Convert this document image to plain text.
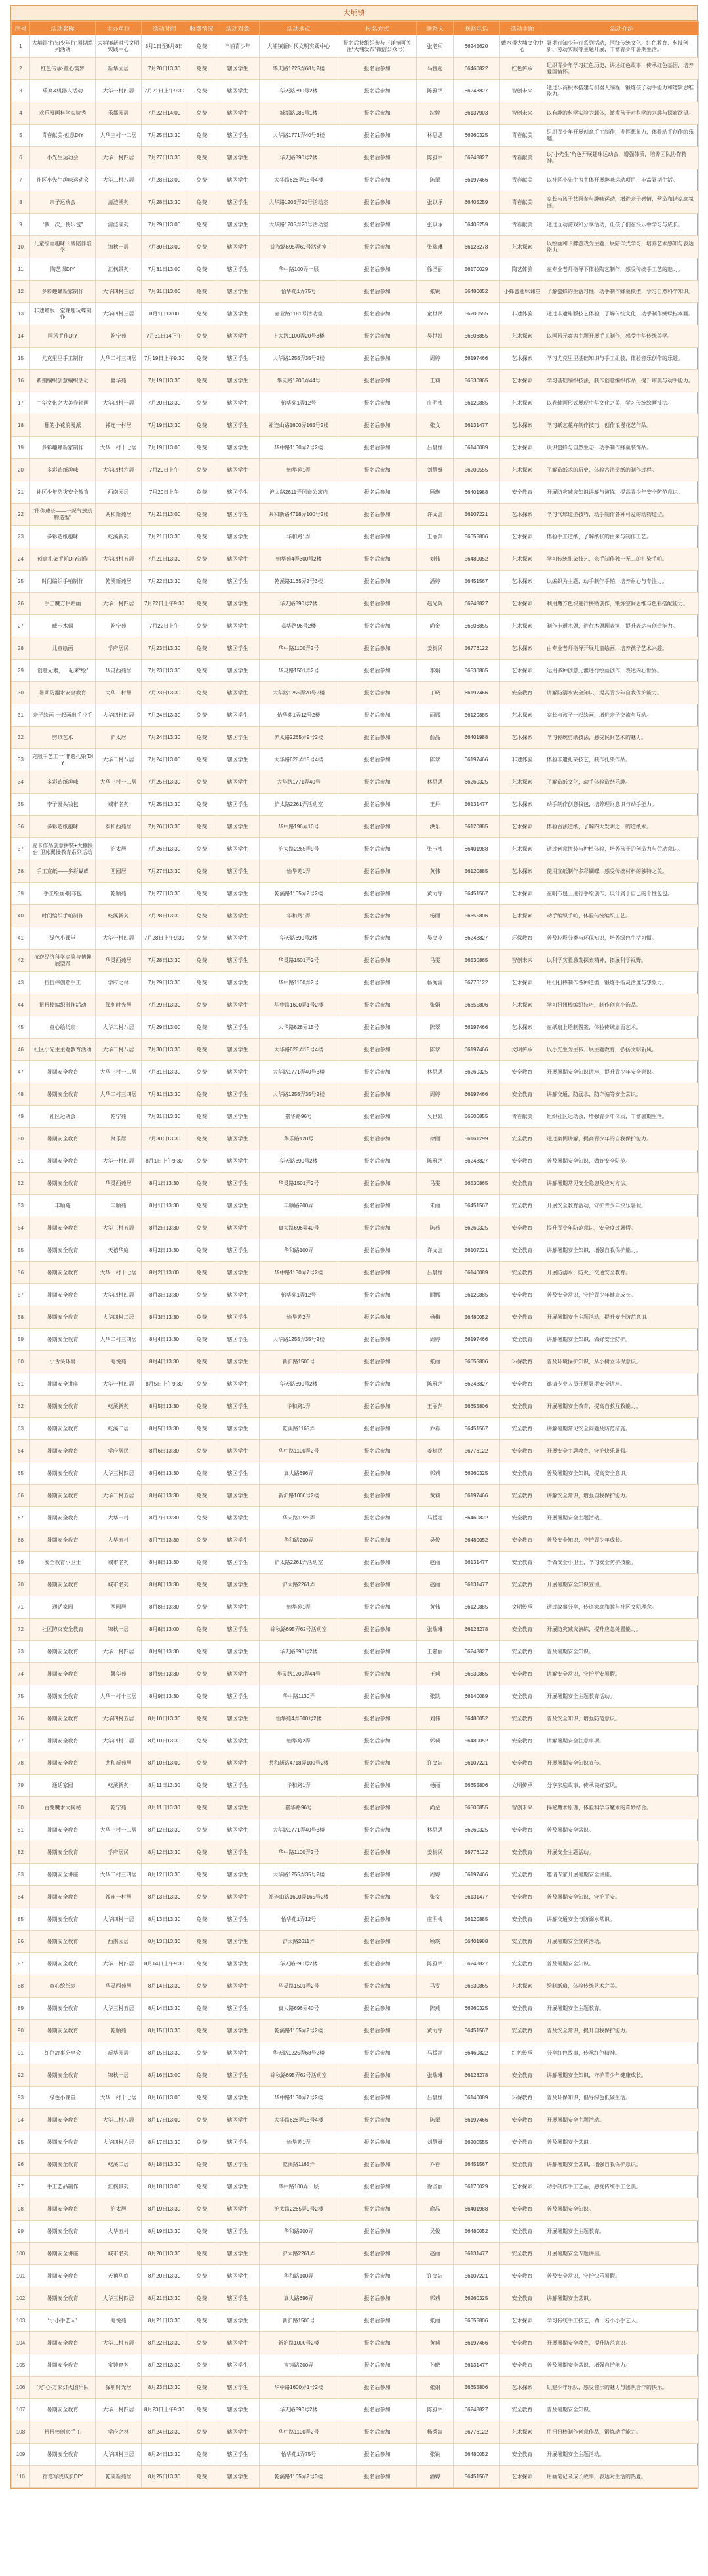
大埔镇
序号	活动名称	主办单位	活动时间	收费情况	活动对象	活动地点	报名方式	联系人	联系电话	活动主题	活动介绍
1	大埔镇“行知少年行”暑期系列活动	大埔镇新时代文明实践中心	8月1日至8月8日	免费	丰埔青少年	大埔镇新时代文明实践中心	报名后按组织参与（详情可关注“大埔发布”微信公众号）	张老师	66245620	戴水得大埔文化中心	暑期行知少年行系列活动，围绕传统文化、红色教育、科技创新、劳动实践等主题开展，丰富青少年暑期生活。
2	红色传承·童心筑梦	新华园居	7月20日13:30	免费	辖区学生	华天路1225弄68号2楼	报名后参加	马援超	66460822	红色传承	组织青少年学习红色历史，讲述红色故事，传承红色基因，培养爱国情怀。
3	乐高&机器人活动	大华一村四居	7月21日上午9:30	免费	辖区学生	华天路890号2楼	报名后参加	陈雅坪	66248827	智创未来	通过乐高积木搭建与机器人编程，锻炼孩子动手能力和逻辑思维能力。
4	欢乐漫画科学实验秀	乐都园居	7月22日14:00	免费	辖区学生	城都路985号1楼	报名后参加	沈婷	36137903	智创未来	以有趣的科学实验为载体，激发孩子对科学的兴趣与探索欲望。
5	青春献美·创意DIY	大华三村一二居	7月25日13:30	免费	辖区学生	大华路1771弄40号3楼	报名后参加	林思思	66260325	青春献美	组织青少年开展创意手工制作，发挥想象力，体验动手创作的乐趣。
6	小先生运动会	大华一村四居	7月27日13:30	免费	辖区学生	华天路890号2楼	报名后参加	陈雅坪	66248827	青春献美	以“小先生”角色开展趣味运动会，增强体质，培养团队协作精神。
7	社区小先生趣味运动会	大华二村八居	7月28日13:00	免费	辖区学生	大华路628弄15号4楼	报名后参加	陈翠	66197466	青春献美	以社区小先生为主体开展趣味运动项目，丰富暑期生活。
8	亲子运动会	清涟溪苑	7月28日13:30	免费	辖区学生	大华路1205弄20号活动室	报名后参加	张以承	66405259	青春献美	家长与孩子共同参与趣味运动，增进亲子感情，营造和谐家庭氛围。
9	“我一次，快乐包”	清涟溪苑	7月29日13:00	免费	辖区学生	大华路1205弄20号活动室	报名后参加	张以承	66405259	青春献美	通过互动游戏和分享活动，让孩子们在快乐中学习与成长。
10	儿童绘画趣味卡牌陪伴陪学	锦秋一居	7月30日13:00	免费	辖区学生	锦秋路695弄62号活动室	报名后参加	张瑞琳	66128278	艺术探索	以绘画和卡牌游戏为主题开展陪伴式学习，培养艺术感知与表达能力。
11	陶艺课DIY	汇枫景苑	7月31日13:00	免费	辖区学生	华中路100弄一层	报名后参加	徐圣丽	56170029	陶艺体验	在专业老师指导下体验陶艺制作，感受传统手工艺的魅力。
12	乡彩趣蜂新家制作	大华四村三居	7月31日13:00	免费	辖区学生	怡华苑1弄75号	报名后参加	张锐	56480052	小蜂蜜趣味课堂	了解蜜蜂的生活习性，动手制作蜂巢模型，学习自然科学知识。
13	非遗蜡版一堂课趣玩蝶制作	大华四村三居	8月1日13:00	免费	辖区学生	嘉业路1181号活动室	报名后参加	童世民	56200555	非遗体验	通过非遗蜡版技艺体验，了解传统文化，动手制作蝴蝶标本画。
14	国风手作DIY	乾宁苑	7月31日14下午	免费	辖区学生	上大路1100弄20号3楼	报名后参加	吴世凯	56506855	艺术探索	以国风元素为主题开展手工制作，感受中华传统美学。
15	尤克里里手工制作	大华二村三四居	7月19日上午9:30	免费	辖区学生	大华路1255弄35号2楼	报名后参加	周婷	66197466	艺术探索	学习尤克里里基础知识与手工组装，体验音乐创作的乐趣。
16	紫荆编织创意编织活动	馨华苑	7月19日13:30	免费	辖区学生	华灵路1200弄44号	报名后参加	王莉	56530865	艺术探索	学习基础编织技法，制作创意编织作品，提升审美与动手能力。
17	中华文化之大美卷轴画	大华四村一居	7月20日13:30	免费	辖区学生	怡华苑1弄12号	报名后参加	庄明梅	56120885	艺术探索	以卷轴画形式展现中华文化之美，学习传统绘画技法。
18	翻的小花浪漫派	祁连一村居	7月19日13:30	免费	辖区学生	祁连山路1600弄165号2楼	报名后参加	张文	56131477	艺术探索	学习纸艺花卉制作技巧，创作浪漫花艺作品。
19	乡彩趣蜂新家制作	大华一村十七居	7月19日13:00	免费	辖区学生	华中路1130弄7号2楼	报名后参加	吕晨媛	66140089	艺术探索	认识蜜蜂与自然生态，动手制作蜂巢装饰品。
20	多彩造纸趣味	大华四村六居	7月20日上午	免费	辖区学生	怡华苑1弄	报名后参加	刘慧妍	56200555	艺术探索	了解造纸术的历史，体验古法造纸的制作过程。
21	社区少年防灾安全教育	西南园居	7月20日上午	免费	辖区学生	沪太路2611弄国泰公寓内	报名后参加	顾瑛	66401988	安全教育	开展防灾减灾知识讲解与演练，提高青少年安全防范意识。
22	“伴你成长——一起气球动物造型”	共和新苑居	7月21日13:00	免费	辖区学生	共和新路4718弄100号2楼	报名后参加	许文洁	56107221	艺术探索	学习气球造型技巧，动手制作各种可爱的动物造型。
23	多彩造纸趣味	乾溪新苑	7月21日13:30	免费	辖区学生	华和路1弄	报名后参加	王丽萍	56655806	艺术探索	体验手工造纸，了解纸张的由来与制作工艺。
24	创意扎染手帕DIY制作	大华四村五居	7月21日13:30	免费	辖区学生	怡华苑4弄300号2楼	报名后参加	刘伟	56480052	艺术探索	学习传统扎染技艺，亲手制作独一无二的扎染手帕。
25	时间编织手帕制作	乾溪新苑居	7月22日13:30	免费	辖区学生	乾溪路1165弄2号3楼	报名后参加	潘婷	56451567	艺术探索	以编织为主题，动手制作手帕，培养耐心与专注力。
26	手工魔方拼贴画	大华一村四居	7月22日上午9:30	免费	辖区学生	华天路890号2楼	报名后参加	赵光辉	66248827	艺术探索	利用魔方色块进行拼贴创作，锻炼空间思维与色彩搭配能力。
27	藏卡木偶	乾宁苑	7月22日上午	免费	辖区学生	嘉华路96号2楼	报名后参加	尚金	56506855	艺术探索	制作卡通木偶，进行木偶剧表演，提升表达与创造能力。
28	儿童绘画	学府居民	7月23日13:30	免费	辖区学生	华中路1100弄2号	报名后参加	姜树民	56776122	艺术探索	由专业老师指导开展儿童绘画，培养孩子艺术兴趣。
29	创意元素，一起来“绘”	华灵西苑居	7月23日13:30	免费	辖区学生	华灵路1501弄2号	报名后参加	李娟	56530865	艺术探索	运用多种创意元素进行绘画创作，表达内心世界。
30	暑期防溺水安全教育	大华二村居	7月23日13:30	免费	辖区学生	大华路1255弄20号2楼	报名后参加	丁晓	66197466	安全教育	讲解防溺水安全知识，提高青少年自我保护能力。
31	亲子绘画·一起画出手拉手	大华四村四居	7月24日13:30	免费	辖区学生	怡华苑1弄12号2楼	报名后参加	丽娜	56120885	艺术探索	家长与孩子一起绘画，增进亲子交流与互动。
32	剪纸艺术	沪太居	7月24日13:30	免费	辖区学生	沪太路2265弄9号2楼	报名后参加	俞晶	66401988	艺术探索	学习传统剪纸技法，感受民间艺术的魅力。
33	克服手艺工一“非遗扎染”DIY	大华二村八居	7月24日13:00	免费	辖区学生	大华路628弄15号4楼	报名后参加	陈翠	66197466	非遗体验	体验非遗扎染技艺，制作扎染作品。
34	多彩造纸趣味	大华三村一二居	7月25日13:30	免费	辖区学生	大华路1771弄40号	报名后参加	林思思	66260325	艺术探索	了解造纸文化，动手体验造纸乐趣。
35	李子馒头钱包	城市名苑	7月25日13:30	免费	辖区学生	沪太路2261弄活动室	报名后参加	王丹	56131477	艺术探索	动手制作创意钱包，培养理财意识与动手能力。
36	多彩造纸趣味	泰和西苑居	7月26日13:30	免费	辖区学生	华中路196弄10号	报名后参加	洪乐	56120885	艺术探索	体验古法造纸，了解四大发明之一的造纸术。
37	麦卡作品创意拼装+大棚慢台·卫冰翼慢教育系列活动	沪太居	7月26日13:30	免费	辖区学生	沪太路2265弄9号	报名后参加	张玉梅	66401988	艺术探索	通过创意拼装与种植体验，培养孩子的创造力与劳动意识。
38	手工宣纸——多彩蝴蝶	西园居	7月27日13:30	免费	辖区学生	怡华苑1弄	报名后参加	黄伟	56120885	艺术探索	使用宣纸制作多彩蝴蝶，感受传统材料的独特之美。
39	手工绘画·帆布包	乾顺苑	7月27日13:30	免费	辖区学生	乾溪路1165弄2号2楼	报名后参加	黄力宇	56451567	艺术探索	在帆布包上进行手绘创作，设计属于自己的个性包包。
40	时间编织手帕制作	乾溪新苑	7月28日13:30	免费	辖区学生	华和路1弄	报名后参加	杨丽	56655806	艺术探索	动手编织手帕，体验传统编织工艺。
41	绿色小课堂	大华一村四居	7月28日上午9:30	免费	辖区学生	华天路890号2楼	报名后参加	吴文嘉	66248827	环保教育	普及垃圾分类与环保知识，培养绿色生活习惯。
42	抗逆经济科学实验与情趣展望馆	华灵西苑居	7月28日13:30	免费	辖区学生	华灵路1501弄2号	报名后参加	马雯	56530865	智创未来	以科学实验激发探索精神，拓展科学视野。
43	扭扭棒创意手工	学府之林	7月29日13:30	免费	辖区学生	华中路1100弄2号	报名后参加	杨秀清	56776122	艺术探索	用扭扭棒制作各种造型，锻炼手指灵活度与想象力。
44	扭扭棒编织制作活动	保利时光居	7月29日13:30	免费	辖区学生	华中路1600弄1号2楼	报名后参加	张娟	56655806	艺术探索	学习扭扭棒编织技巧，制作创意小饰品。
45	童心绘纸扇	大华二村八居	7月29日13:00	免费	辖区学生	大华路628弄15号	报名后参加	陈翠	66197466	艺术探索	在纸扇上绘制图案，体验传统扇面艺术。
46	社区小先生主题教育活动	大华二村八居	7月30日13:30	免费	辖区学生	大华路628弄15号4楼	报名后参加	陈翠	66197466	文明传承	以小先生为主体开展主题教育，弘扬文明新风。
47	暑期安全教育	大华三村一二居	7月31日13:30	免费	辖区学生	大华路1771弄40号3楼	报名后参加	林思思	66260325	安全教育	开展暑期安全知识讲座，提升青少年安全意识。
48	暑期安全教育	大华二村三四居	7月31日13:30	免费	辖区学生	大华路1255弄35号2楼	报名后参加	周婷	66197466	安全教育	讲解交通、防溺水、防诈骗等安全常识。
49	社区运动会	乾宁苑	7月31日13:30	免费	辖区学生	嘉华路96号	报名后参加	吴世凯	56506855	青春献美	组织社区运动会，增强青少年体质，丰富暑期生活。
50	暑期安全教育	聚乐居	7月30日13:30	免费	辖区学生	华乐路120号	报名后参加	徐丽	56161299	安全教育	通过案例讲解，提高青少年的自我保护能力。
51	暑期安全教育	大华一村四居	8月1日上午9:30	免费	辖区学生	华天路890号2楼	报名后参加	陈雅坪	66248827	安全教育	普及暑期安全知识，做好安全防范。
52	暑期安全教育	华灵西苑居	8月1日13:30	免费	辖区学生	华灵路1501弄2号	报名后参加	马雯	56530865	安全教育	讲解暑期常见安全隐患及应对方法。
53	丰顺苑	丰顺苑	8月1日13:30	免费	辖区学生	丰顺路200弄	报名后参加	朱丽	56451567	安全教育	开展安全教育活动，守护青少年快乐暑假。
54	暑期安全教育	大华三村五居	8月2日13:30	免费	辖区学生	真大路696弄40号	报名后参加	陈燕	66260325	安全教育	提升青少年防范意识，安全度过暑假。
55	暑期安全教育	天禧华庭	8月2日13:30	免费	辖区学生	华和路100弄	报名后参加	许文洁	56107221	安全教育	讲解暑期安全知识，增强自我保护能力。
56	暑期安全教育	大华一村十七居	8月2日13:00	免费	辖区学生	华中路1130弄7号2楼	报名后参加	吕晨媛	66140089	安全教育	开展防溺水、防火、交通安全教育。
57	暑期安全教育	大华四村四居	8月3日13:30	免费	辖区学生	怡华苑1弄12号	报名后参加	丽娜	56120885	安全教育	普及安全常识，守护青少年健康成长。
58	暑期安全教育	大华四村二居	8月3日13:30	免费	辖区学生	怡华苑2弄	报名后参加	杨梅	56480052	安全教育	开展暑期安全主题活动，提升安全防范意识。
59	暑期安全教育	大华二村三四居	8月4日13:30	免费	辖区学生	大华路1255弄35号2楼	报名后参加	周婷	66197466	安全教育	讲解暑期安全知识，做好安全防护。
60	小舌头环境	海悦苑	8月4日13:30	免费	辖区学生	新沪路1500号	报名后参加	张丽	56655806	环保教育	普及环境保护知识，从小树立环保意识。
61	暑期安全讲座	大华一村四居	8月5日上午9:30	免费	辖区学生	华天路890号2楼	报名后参加	陈雅坪	66248827	安全教育	邀请专业人员开展暑期安全讲座。
62	暑期安全教育	乾溪新苑	8月5日13:30	免费	辖区学生	华和路1弄	报名后参加	王丽萍	56655806	安全教育	开展暑期安全教育，提高自救互救能力。
63	暑期安全教育	乾溪二居	8月5日13:30	免费	辖区学生	乾溪路1165弄	报名后参加	乔春	56451567	安全教育	讲解暑期常见安全问题及防范措施。
64	暑期安全教育	学府居民	8月6日13:30	免费	辖区学生	华中路1100弄2号	报名后参加	姜树民	56776122	安全教育	开展安全主题教育，守护快乐暑假。
65	暑期安全教育	大华三村四居	8月6日13:30	免费	辖区学生	真大路696弄	报名后参加	郭莉	66260325	安全教育	普及暑期安全知识，提高安全意识。
66	暑期安全教育	大华二村五居	8月6日13:30	免费	辖区学生	新沪路1000号2楼	报名后参加	黄莉	66197466	安全教育	讲解安全常识，增强自我保护能力。
67	暑期安全教育	大华一村	8月7日13:30	免费	辖区学生	华天路1225弄	报名后参加	马援超	66460822	安全教育	开展暑期安全主题活动。
68	暑期安全教育	大华五村	8月7日13:30	免费	辖区学生	华和路200弄	报名后参加	吴俊	56480052	安全教育	普及安全知识，守护青少年成长。
69	安全教育小卫士	城市名苑	8月8日13:30	免费	辖区学生	沪太路2261弄活动室	报名后参加	赵丽	56131477	安全教育	争做安全小卫士，学习安全防护技能。
70	暑期安全教育	城市名苑	8月8日13:30	免费	辖区学生	沪太路2261弄	报名后参加	赵丽	56131477	安全教育	开展暑期安全知识宣讲。
71	通话家园	西园居	8月8日13:30	免费	辖区学生	怡华苑1弄	报名后参加	黄伟	56120885	文明传承	通过故事分享，传递家庭和睦与社区文明理念。
72	社区防灾安全教育	锦秋一居	8月8日13:00	免费	辖区学生	锦秋路695弄62号活动室	报名后参加	张瑞琳	66128278	安全教育	开展防灾减灾演练，提升应急处置能力。
73	暑期安全教育	大华一村四居	8月9日13:30	免费	辖区学生	华天路890号2楼	报名后参加	王嘉丽	66248827	安全教育	普及暑期安全知识。
74	暑期安全教育	馨华苑	8月9日13:30	免费	辖区学生	华灵路1200弄44号	报名后参加	王莉	56530865	安全教育	讲解安全常识，守护平安暑假。
75	暑期安全教育	大华一村十三居	8月9日13:30	免费	辖区学生	华中路1130弄	报名后参加	张凯	66140089	安全教育	开展暑期安全主题教育活动。
76	暑期安全教育	大华四村五居	8月10日13:30	免费	辖区学生	怡华苑4弄300号2楼	报名后参加	刘伟	56480052	安全教育	普及安全知识，增强防范意识。
77	暑期安全教育	大华四村二居	8月10日13:30	免费	辖区学生	怡华苑2弄	报名后参加	郭莉	56480052	安全教育	讲解暑期安全注意事项。
78	暑期安全教育	共和新苑居	8月10日13:00	免费	辖区学生	共和新路4718弄100号2楼	报名后参加	许文洁	56107221	安全教育	开展暑期安全知识宣传。
79	通话家园	乾溪新苑	8月11日13:30	免费	辖区学生	华和路1弄	报名后参加	杨丽	56655806	文明传承	分享家庭故事，传承良好家风。
80	百变魔术大揭秘	乾宁苑	8月11日13:30	免费	辖区学生	嘉华路96号	报名后参加	尚金	56506855	智创未来	揭秘魔术原理，体验科学与魔术的奇妙结合。
81	暑期安全教育	大华三村一二居	8月12日13:30	免费	辖区学生	大华路1771弄40号3楼	报名后参加	林思思	66260325	安全教育	普及暑期安全常识。
82	暑期安全教育	学府居民	8月12日13:30	免费	辖区学生	华中路1100弄2号	报名后参加	姜树民	56776122	安全教育	开展安全主题活动。
83	暑期安全讲座	大华二村三四居	8月12日13:30	免费	辖区学生	大华路1255弄35号2楼	报名后参加	周婷	66197466	安全教育	邀请专家开展暑期安全讲座。
84	暑期安全教育	祁连一村居	8月13日13:30	免费	辖区学生	祁连山路1600弄165号2楼	报名后参加	张文	56131477	安全教育	普及暑期安全知识，守护平安。
85	暑期安全教育	大华四村一居	8月13日13:30	免费	辖区学生	怡华苑1弄12号	报名后参加	庄明梅	56120885	安全教育	讲解交通安全与防溺水常识。
86	暑期安全教育	西南园居	8月13日13:30	免费	辖区学生	沪太路2611弄	报名后参加	顾瑛	66401988	安全教育	开展暑期安全宣传活动。
87	暑期安全教育	大华一村四居	8月14日上午9:30	免费	辖区学生	华天路890号2楼	报名后参加	陈雅坪	66248827	安全教育	普及暑期安全知识。
88	童心绘纸扇	华灵西苑居	8月14日13:30	免费	辖区学生	华灵路1501弄2号	报名后参加	马雯	56530865	艺术探索	绘制纸扇，体验传统艺术之美。
89	暑期安全教育	大华三村五居	8月14日13:30	免费	辖区学生	真大路696弄40号	报名后参加	陈燕	66260325	安全教育	开展暑期安全主题教育。
90	暑期安全教育	乾顺苑	8月15日13:30	免费	辖区学生	乾溪路1165弄2号2楼	报名后参加	黄力宇	56451567	安全教育	普及安全常识，提升自我保护能力。
91	红色故事分享会	新华园居	8月15日13:30	免费	辖区学生	华天路1225弄68号2楼	报名后参加	马援超	66460822	红色传承	分享红色故事，传承红色精神。
92	暑期安全教育	锦秋一居	8月16日13:00	免费	辖区学生	锦秋路695弄62号活动室	报名后参加	张瑞琳	66128278	安全教育	讲解暑期安全知识，守护青少年健康成长。
93	绿色小课堂	大华一村十七居	8月16日13:00	免费	辖区学生	华中路1130弄7号2楼	报名后参加	吕晨媛	66140089	环保教育	普及环保知识，倡导绿色低碳生活。
94	暑期安全教育	大华二村八居	8月17日13:00	免费	辖区学生	大华路628弄15号4楼	报名后参加	陈翠	66197466	安全教育	开展暑期安全主题活动。
95	暑期安全教育	大华四村六居	8月17日13:30	免费	辖区学生	怡华苑1弄	报名后参加	刘慧妍	56200555	安全教育	普及暑期安全常识。
96	暑期安全教育	乾溪二居	8月18日13:30	免费	辖区学生	乾溪路1165弄	报名后参加	乔春	56451567	安全教育	讲解暑期安全常识，增强自我保护意识。
97	手工艺品制作	汇枫景苑	8月18日13:00	免费	辖区学生	华中路100弄一层	报名后参加	徐圣丽	56170029	艺术探索	动手制作手工艺品，感受传统手工之美。
98	暑期安全教育	沪太居	8月19日13:30	免费	辖区学生	沪太路2265弄9号2楼	报名后参加	俞晶	66401988	安全教育	普及暑期安全知识。
99	暑期安全教育	大华五村	8月19日13:30	免费	辖区学生	华和路200弄	报名后参加	吴俊	56480052	安全教育	开展暑期安全主题教育。
100	暑期安全讲座	城市名苑	8月20日13:30	免费	辖区学生	沪太路2261弄	报名后参加	赵丽	56131477	安全教育	开展暑期安全专题讲座。
101	暑期安全教育	天禧华庭	8月20日13:30	免费	辖区学生	华和路100弄	报名后参加	许文洁	56107221	安全教育	普及安全常识，守护快乐暑假。
102	暑期安全教育	大华三村四居	8月21日13:30	免费	辖区学生	真大路696弄	报名后参加	郭莉	66260325	安全教育	讲解暑期安全常识。
103	“小小手艺人”	海悦苑	8月21日13:30	免费	辖区学生	新沪路1500号	报名后参加	张丽	56655806	艺术探索	学习传统手工技艺，做一名小小手艺人。
104	暑期安全教育	大华二村五居	8月22日13:30	免费	辖区学生	新沪路1000号2楼	报名后参加	黄莉	66197466	安全教育	开展暑期安全教育，提升防范意识。
105	暑期安全教育	宝铸嘉苑	8月22日13:30	免费	辖区学生	宝铸路200弄	报名后参加	孙晓	56131477	安全教育	普及暑期安全常识，增强自护能力。
106	“光”心·万家灯火团乐队	保利时光居	8月23日13:30	免费	辖区学生	华中路1600弄1号2楼	报名后参加	张娟	56655806	艺术探索	组建少年乐队，感受音乐的魅力与团队合作的快乐。
107	暑期安全教育	大华一村四居	8月23日上午9:30	免费	辖区学生	华天路890号2楼	报名后参加	陈雅坪	66248827	安全教育	普及暑期安全知识。
108	扭扭棒创意手工	学府之林	8月24日13:30	免费	辖区学生	华中路1100弄2号	报名后参加	杨秀清	56776122	艺术探索	用扭扭棒制作创意作品，锻炼动手能力。
109	暑期安全教育	大华四村三居	8月24日13:30	免费	辖区学生	怡华苑1弄75号	报名后参加	张锐	56480052	安全教育	开展暑期安全主题活动。
110	宿笔写我成长DIY	乾溪新苑居	8月25日13:30	免费	辖区学生	乾溪路1165弄2号3楼	报名后参加	潘婷	56451567	艺术探索	用画笔记录成长故事，表达对生活的热爱。
